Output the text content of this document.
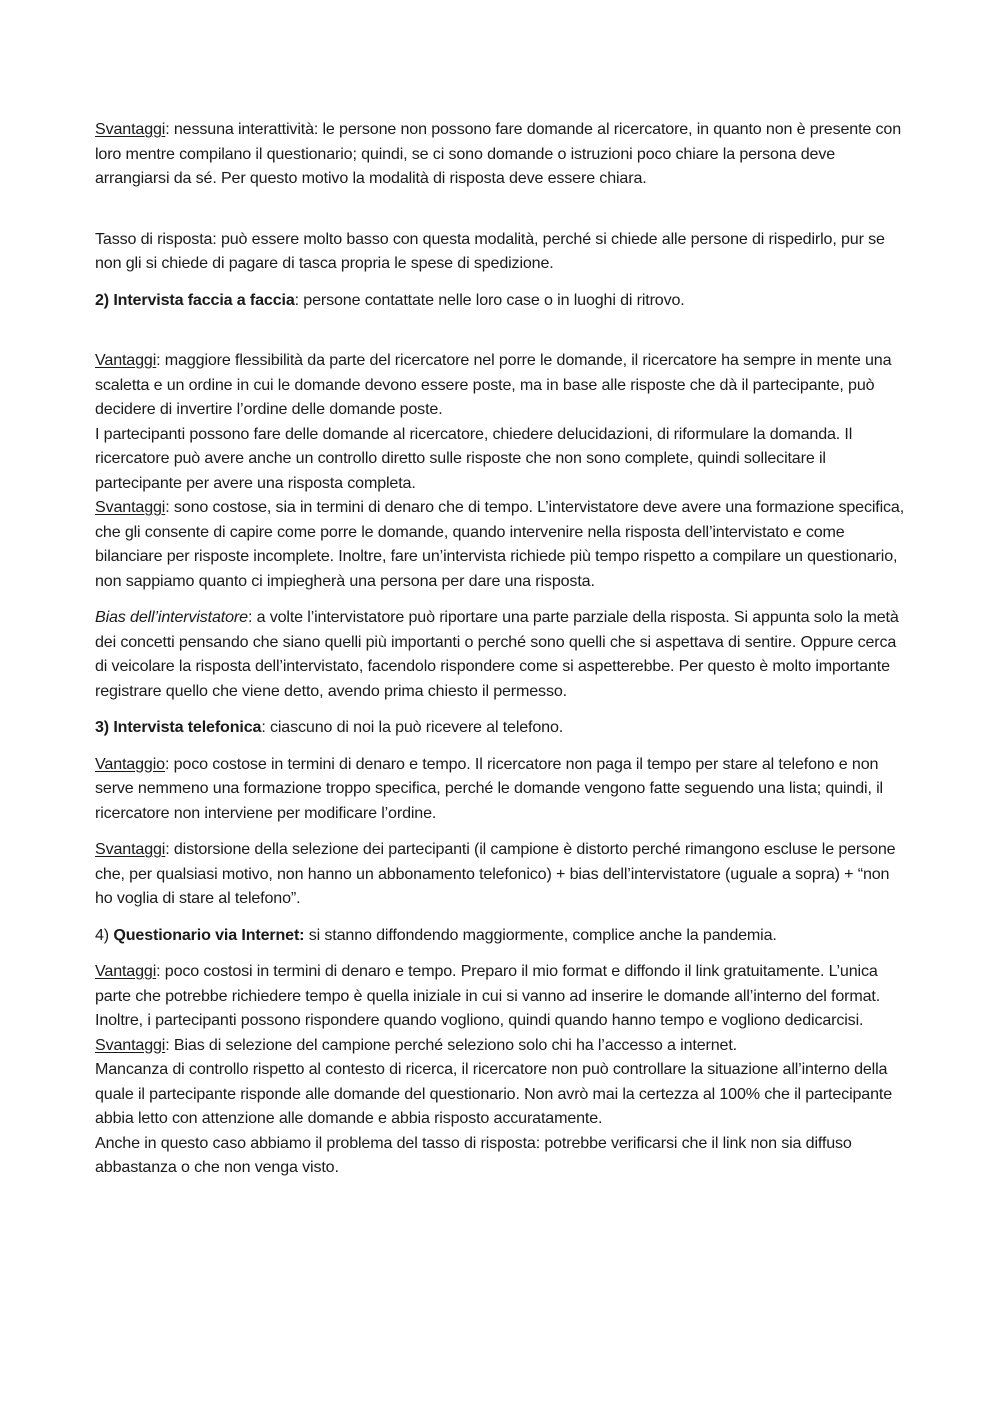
Svantaggi: nessuna interattività: le persone non possono fare domande al ricercatore, in quanto non è presente con loro mentre compilano il questionario; quindi, se ci sono domande o istruzioni poco chiare la persona deve arrangiarsi da sé. Per questo motivo la modalità di risposta deve essere chiara.

Tasso di risposta: può essere molto basso con questa modalità, perché si chiede alle persone di rispedirlo, pur se non gli si chiede di pagare di tasca propria le spese di spedizione.

2) Intervista faccia a faccia: persone contattate nelle loro case o in luoghi di ritrovo.

Vantaggi: maggiore flessibilità da parte del ricercatore nel porre le domande, il ricercatore ha sempre in mente una scaletta e un ordine in cui le domande devono essere poste, ma in base alle risposte che dà il partecipante, può decidere di invertire l’ordine delle domande poste.

I partecipanti possono fare delle domande al ricercatore, chiedere delucidazioni, di riformulare la domanda. Il ricercatore può avere anche un controllo diretto sulle risposte che non sono complete, quindi sollecitare il partecipante per avere una risposta completa.

Svantaggi: sono costose, sia in termini di denaro che di tempo. L’intervistatore deve avere una formazione specifica, che gli consente di capire come porre le domande, quando intervenire nella risposta dell’intervistato e come bilanciare per risposte incomplete. Inoltre, fare un’intervista richiede più tempo rispetto a compilare un questionario, non sappiamo quanto ci impiegherà una persona per dare una risposta.

Bias dell’intervistatore: a volte l’intervistatore può riportare una parte parziale della risposta. Si appunta solo la metà dei concetti pensando che siano quelli più importanti o perché sono quelli che si aspettava di sentire. Oppure cerca di veicolare la risposta dell’intervistato, facendolo rispondere come si aspetterebbe. Per questo è molto importante registrare quello che viene detto, avendo prima chiesto il permesso.

3) Intervista telefonica: ciascuno di noi la può ricevere al telefono.

Vantaggio: poco costose in termini di denaro e tempo. Il ricercatore non paga il tempo per stare al telefono e non serve nemmeno una formazione troppo specifica, perché le domande vengono fatte seguendo una lista; quindi, il ricercatore non interviene per modificare l’ordine.

Svantaggi: distorsione della selezione dei partecipanti (il campione è distorto perché rimangono escluse le persone che, per qualsiasi motivo, non hanno un abbonamento telefonico) + bias dell’intervistatore (uguale a sopra) + “non ho voglia di stare al telefono”.

4) Questionario via Internet: si stanno diffondendo maggiormente, complice anche la pandemia.

Vantaggi: poco costosi in termini di denaro e tempo. Preparo il mio format e diffondo il link gratuitamente. L’unica parte che potrebbe richiedere tempo è quella iniziale in cui si vanno ad inserire le domande all’interno del format.

Inoltre, i partecipanti possono rispondere quando vogliono, quindi quando hanno tempo e vogliono dedicarcisi.

Svantaggi: Bias di selezione del campione perché seleziono solo chi ha l’accesso a internet.

Mancanza di controllo rispetto al contesto di ricerca, il ricercatore non può controllare la situazione all’interno della quale il partecipante risponde alle domande del questionario. Non avrò mai la certezza al 100% che il partecipante abbia letto con attenzione alle domande e abbia risposto accuratamente.

Anche in questo caso abbiamo il problema del tasso di risposta: potrebbe verificarsi che il link non sia diffuso abbastanza o che non venga visto.
